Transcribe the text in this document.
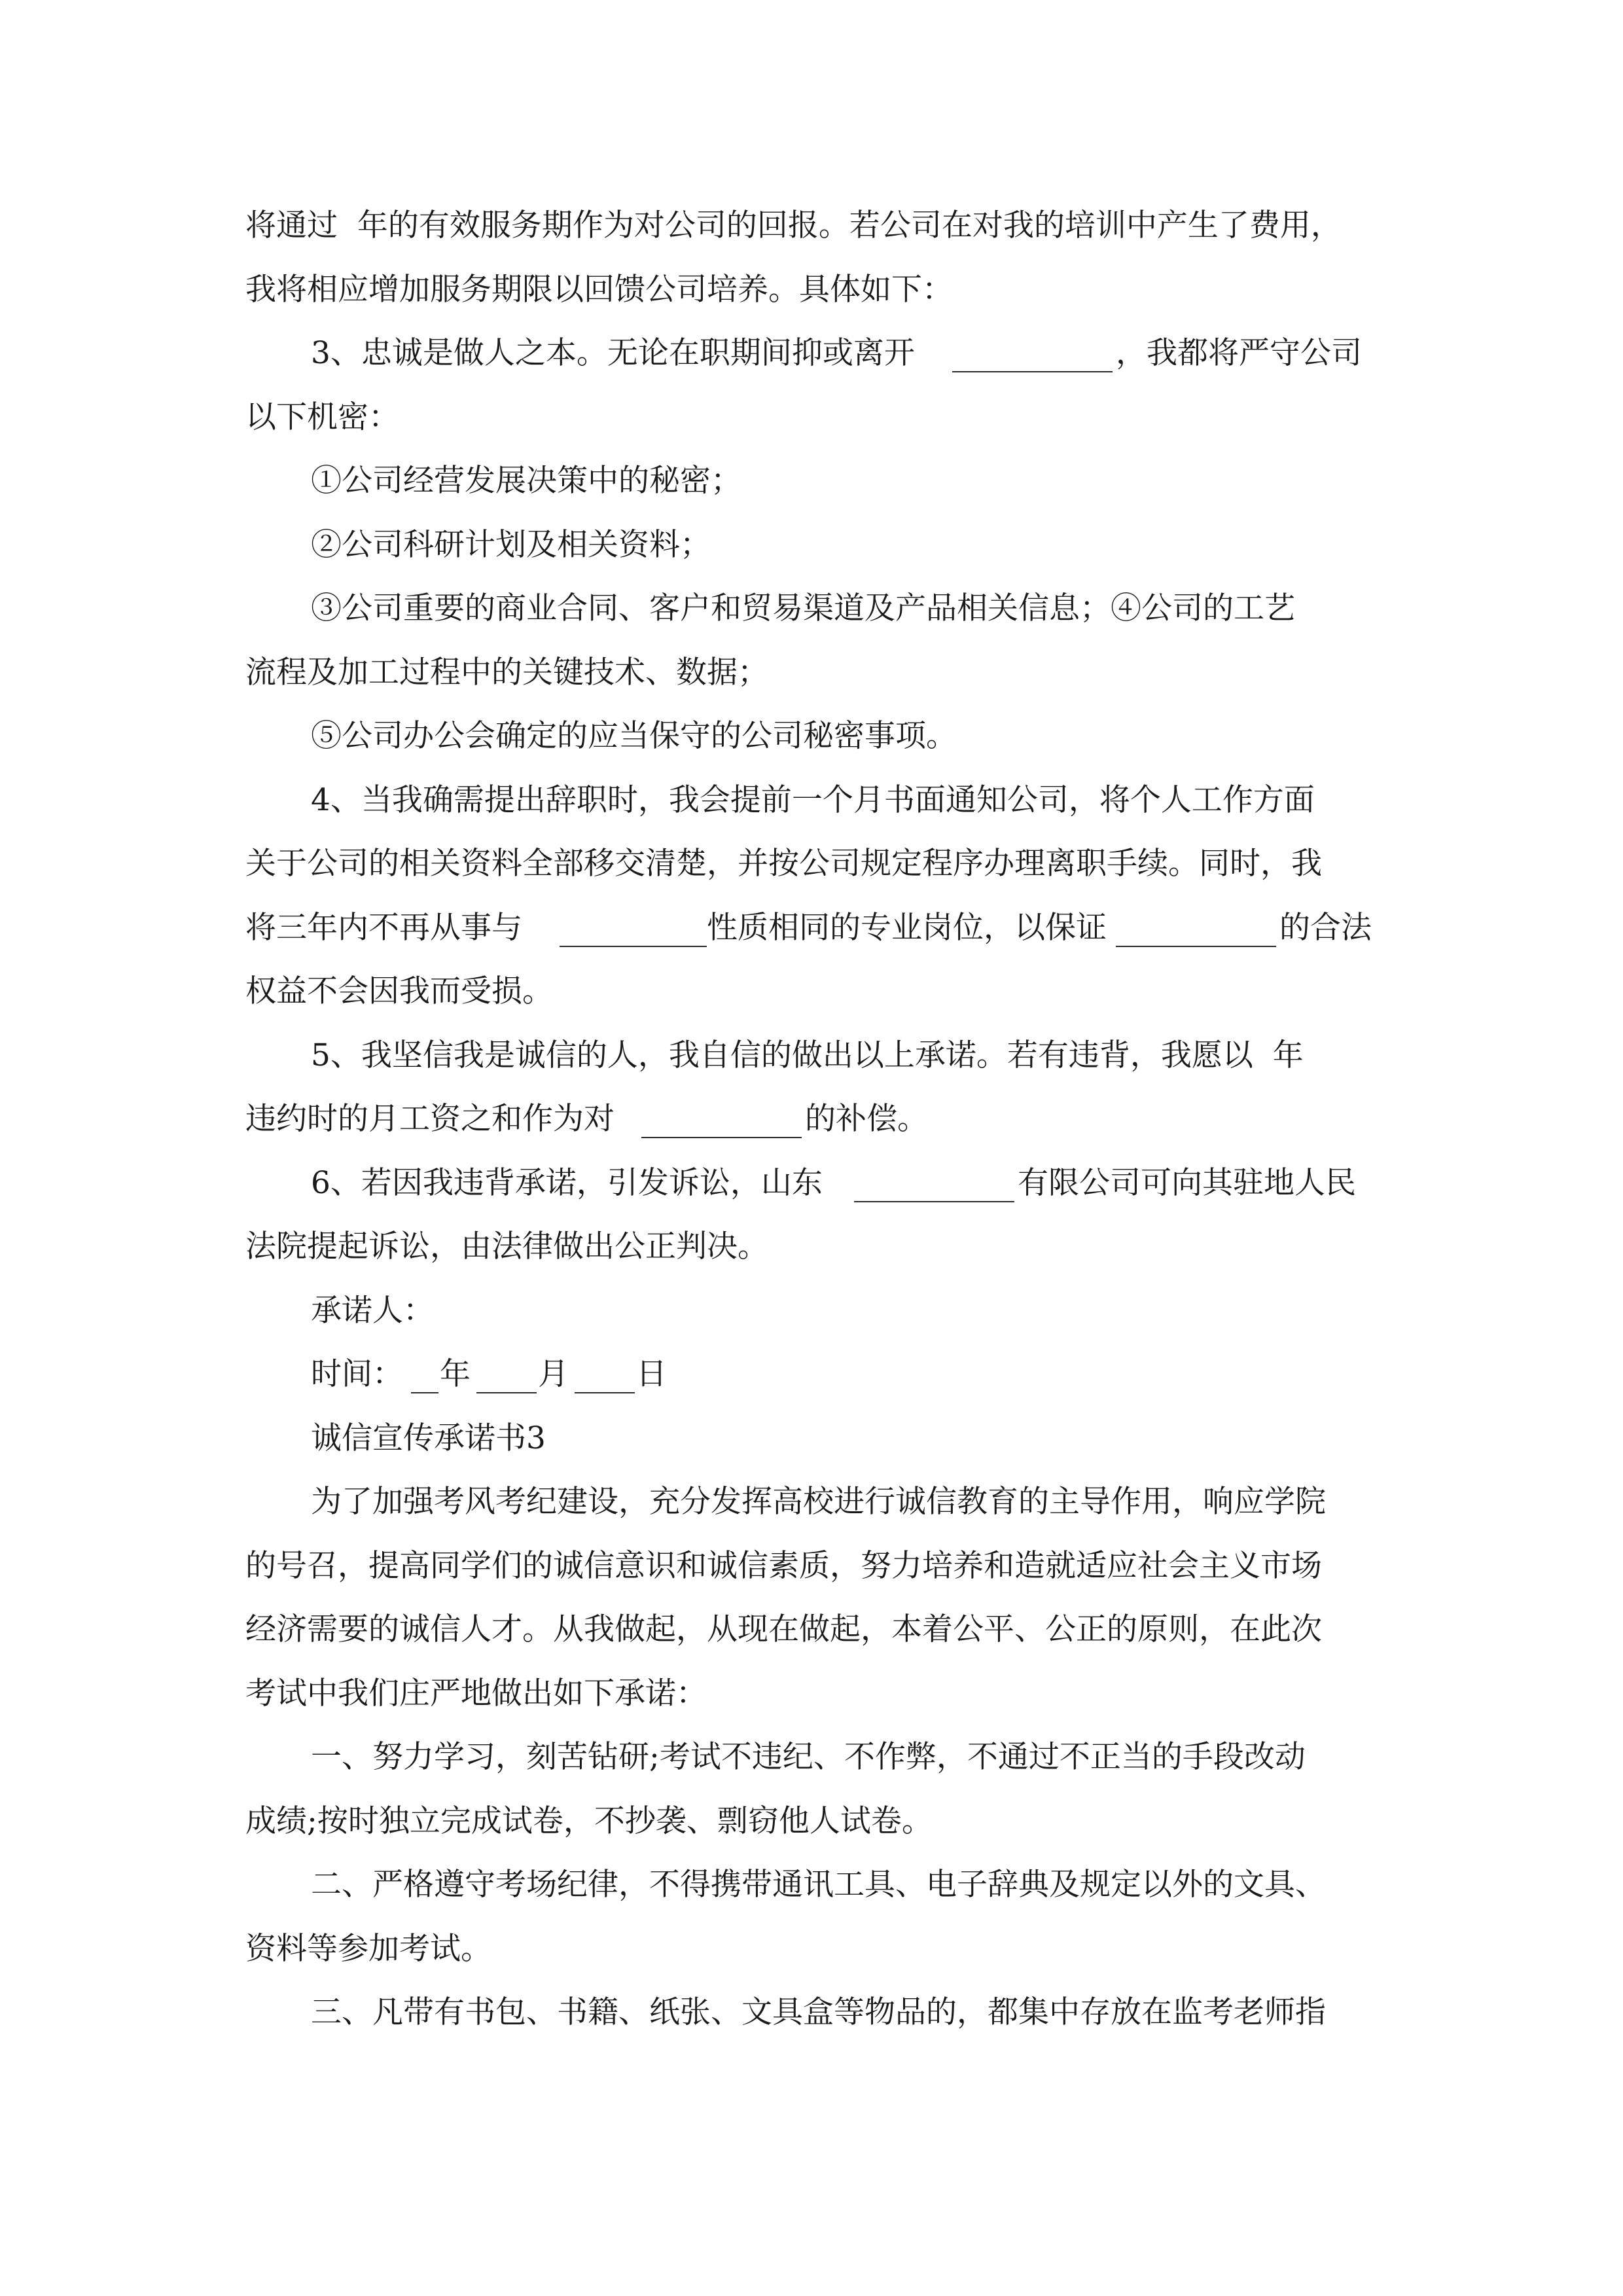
将通过  年的有效服务期作为对公司的回报。若公司在对我的培训中产生了费用，

我将相应增加服务期限以回馈公司培养。具体如下：

3、忠诚是做人之本。无论在职期间抑或离开

	，我都将严守公司

以下机密：

①公司经营发展决策中的秘密；

②公司科研计划及相关资料；

③公司重要的商业合同、客户和贸易渠道及产品相关信息；④公司的工艺

流程及加工过程中的关键技术、数据；

⑤公司办公会确定的应当保守的公司秘密事项。

4、当我确需提出辞职时，我会提前一个月书面通知公司，将个人工作方面

关于公司的相关资料全部移交清楚，并按公司规定程序办理离职手续。同时，我

将三年内不再从事与

	性质相同的专业岗位，以保证

	的合法

权益不会因我而受损。

5、我坚信我是诚信的人，我自信的做出以上承诺。若有违背，我愿以  年

违约时的月工资之和作为对

	的补偿。

6、若因我违背承诺，引发诉讼，山东

	有限公司可向其驻地人民

法院提起诉讼，由法律做出公正判决。

承诺人：

时间：

年

月

日

诚信宣传承诺书3

为了加强考风考纪建设，充分发挥高校进行诚信教育的主导作用，响应学院

的号召，提高同学们的诚信意识和诚信素质，努力培养和造就适应社会主义市场

经济需要的诚信人才。从我做起，从现在做起，本着公平、公正的原则，在此次

考试中我们庄严地做出如下承诺：

一、努力学习，刻苦钻研;考试不违纪、不作弊，不通过不正当的手段改动

成绩;按时独立完成试卷，不抄袭、剽窃他人试卷。

二、严格遵守考场纪律，不得携带通讯工具、电子辞典及规定以外的文具、

资料等参加考试。

三、凡带有书包、书籍、纸张、文具盒等物品的，都集中存放在监考老师指
